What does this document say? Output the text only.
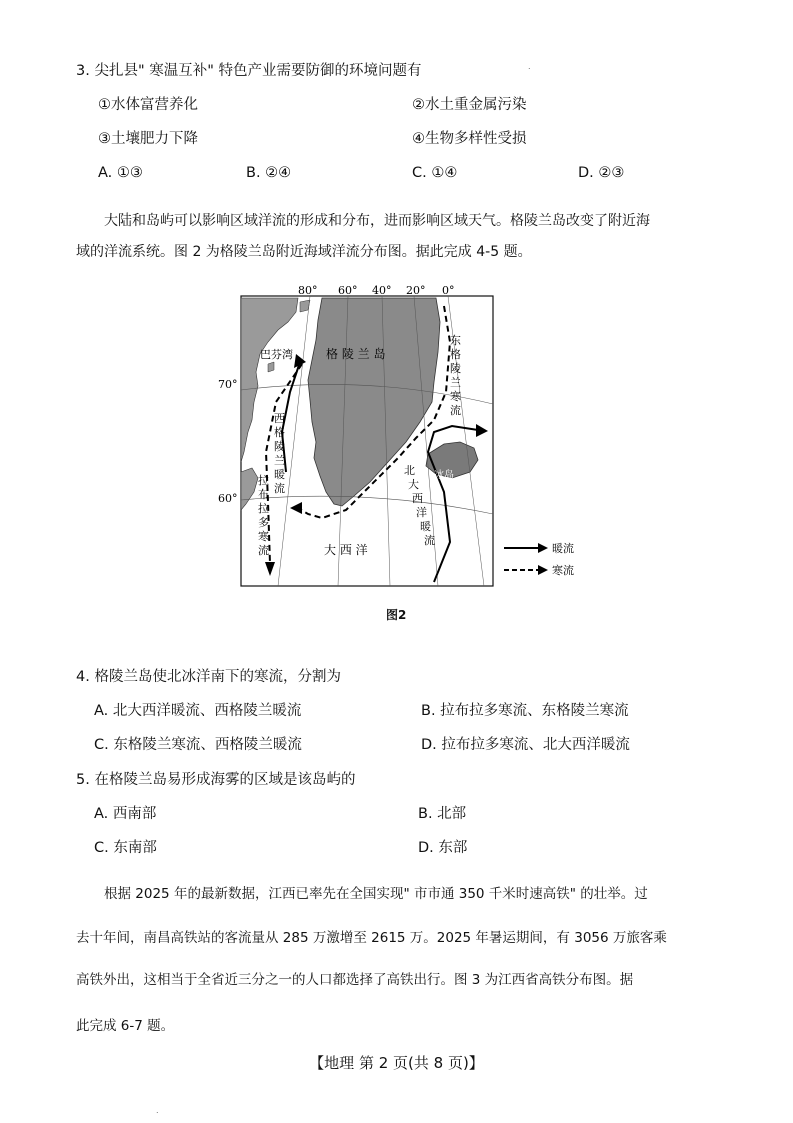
3. 尖扎县" 寒温互补" 特色产业需要防御的环境问题有
①水体富营养化	②水土重金属污染
③土壤肥力下降	④生物多样性受损
A. ①③	B. ②④	C. ①④	D. ②③
.
大陆和岛屿可以影响区域洋流的形成和分布，进而影响区域天气。格陵兰岛改变了附近海
域的洋流系统。图 2 为格陵兰岛附近海域洋流分布图。据此完成 4-5 题。
80° 60° 40° 20° 0°
70°
60°
巴芬湾	格 陵 兰 岛
冰岛
大 西 洋
东
格
陵
兰
寒
流
西
格
陵
兰
暖
流
拉
布
拉
多
寒
流
北
大
西
洋
暖
流
暖流
寒流
图2
4. 格陵兰岛使北冰洋南下的寒流，分割为
A. 北大西洋暖流、西格陵兰暖流	B. 拉布拉多寒流、东格陵兰寒流
C. 东格陵兰寒流、西格陵兰暖流	D. 拉布拉多寒流、北大西洋暖流
5. 在格陵兰岛易形成海雾的区域是该岛屿的
A. 西南部	B. 北部
C. 东南部	D. 东部
根据 2025 年的最新数据，江西已率先在全国实现" 市市通 350 千米时速高铁" 的壮举。过
去十年间，南昌高铁站的客流量从 285 万激增至 2615 万。2025 年暑运期间，有 3056 万旅客乘
高铁外出，这相当于全省近三分之一的人口都选择了高铁出行。图 3 为江西省高铁分布图。据
此完成 6-7 题。
【地理 第 2 页(共 8 页)】
.
